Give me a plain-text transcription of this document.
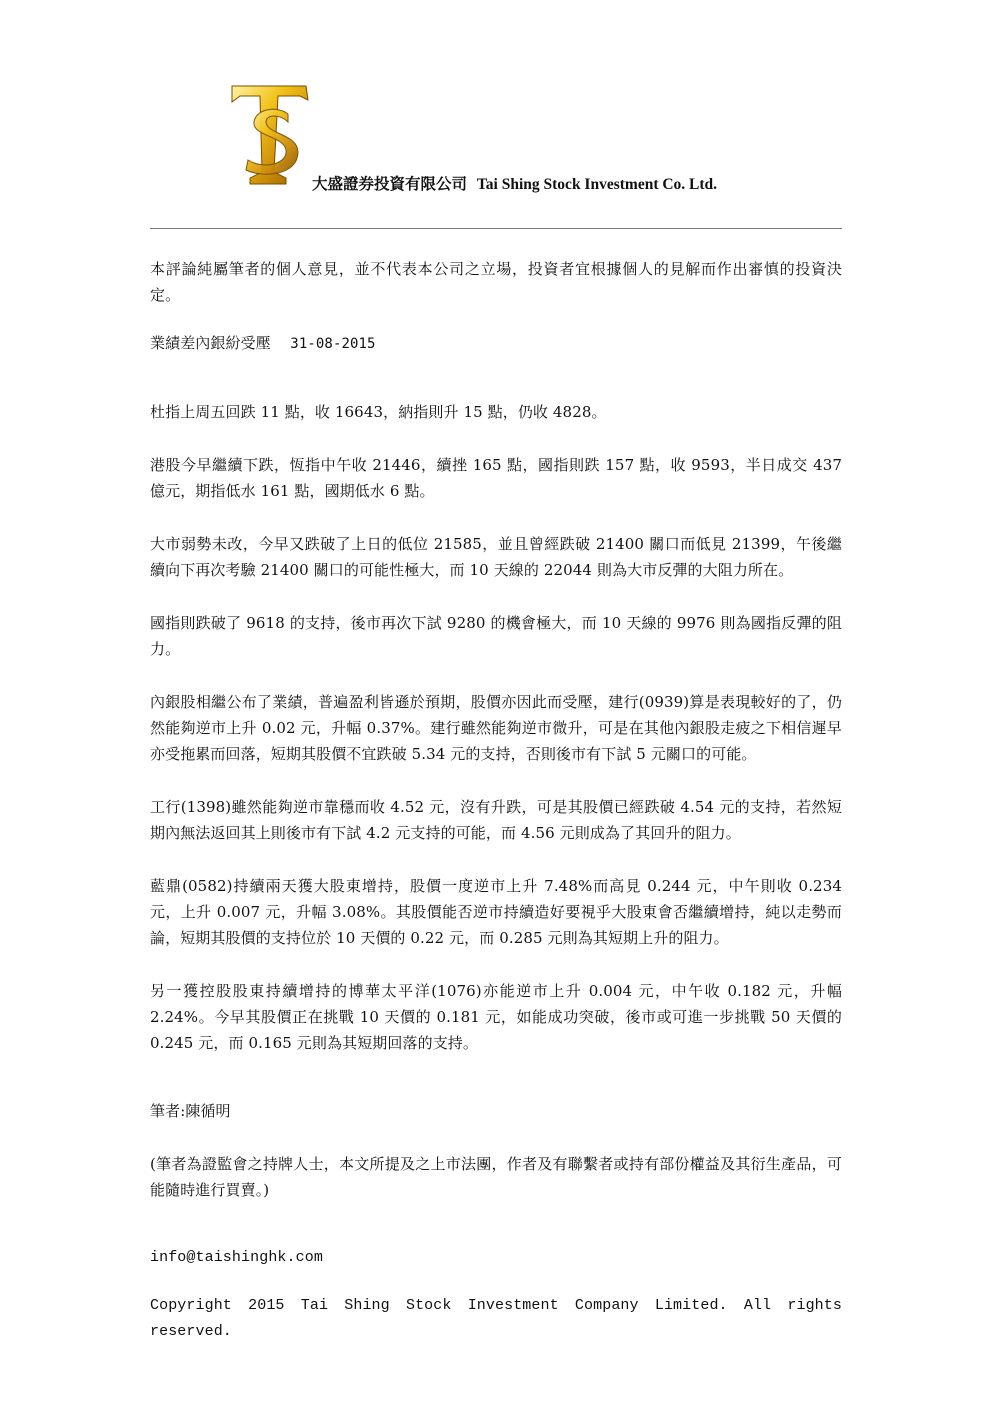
大盛證券投資有限公司 Tai Shing Stock Investment Co. Ltd.

本評論純屬筆者的個人意見，並不代表本公司之立場，投資者宜根據個人的見解而作出審慎的投資決定。

業績差內銀紛受壓 31-08-2015

杜指上周五回跌 11 點，收 16643，納指則升 15 點，仍收 4828。

港股今早繼續下跌，恆指中午收 21446，續挫 165 點，國指則跌 157 點，收 9593，半日成交 437 億元，期指低水 161 點，國期低水 6 點。

大市弱勢未改，今早又跌破了上日的低位 21585，並且曾經跌破 21400 關口而低見 21399，午後繼續向下再次考驗 21400 關口的可能性極大，而 10 天線的 22044 則為大市反彈的大阻力所在。

國指則跌破了 9618 的支持，後市再次下試 9280 的機會極大，而 10 天線的 9976 則為國指反彈的阻力。

內銀股相繼公布了業績，普遍盈利皆遜於預期，股價亦因此而受壓，建行(0939)算是表現較好的了，仍然能夠逆市上升 0.02 元，升幅 0.37%。建行雖然能夠逆市微升，可是在其他內銀股走疲之下相信遲早亦受拖累而回落，短期其股價不宜跌破 5.34 元的支持，否則後市有下試 5 元關口的可能。

工行(1398)雖然能夠逆市靠穩而收 4.52 元，沒有升跌，可是其股價已經跌破 4.54 元的支持，若然短期內無法返回其上則後市有下試 4.2 元支持的可能，而 4.56 元則成為了其回升的阻力。

藍鼎(0582)持續兩天獲大股東增持，股價一度逆市上升 7.48%而高見 0.244 元，中午則收 0.234 元，上升 0.007 元，升幅 3.08%。其股價能否逆市持續造好要視乎大股東會否繼續增持，純以走勢而論，短期其股價的支持位於 10 天價的 0.22 元，而 0.285 元則為其短期上升的阻力。

另一獲控股股東持續增持的博華太平洋(1076)亦能逆市上升 0.004 元，中午收 0.182 元，升幅 2.24%。今早其股價正在挑戰 10 天價的 0.181 元，如能成功突破，後市或可進一步挑戰 50 天價的 0.245 元，而 0.165 元則為其短期回落的支持。

筆者:陳循明

(筆者為證監會之持牌人士，本文所提及之上市法團，作者及有聯繫者或持有部份權益及其衍生產品，可能隨時進行買賣。)

info@taishinghk.com

Copyright 2015 Tai Shing Stock Investment Company Limited. All rights reserved.
